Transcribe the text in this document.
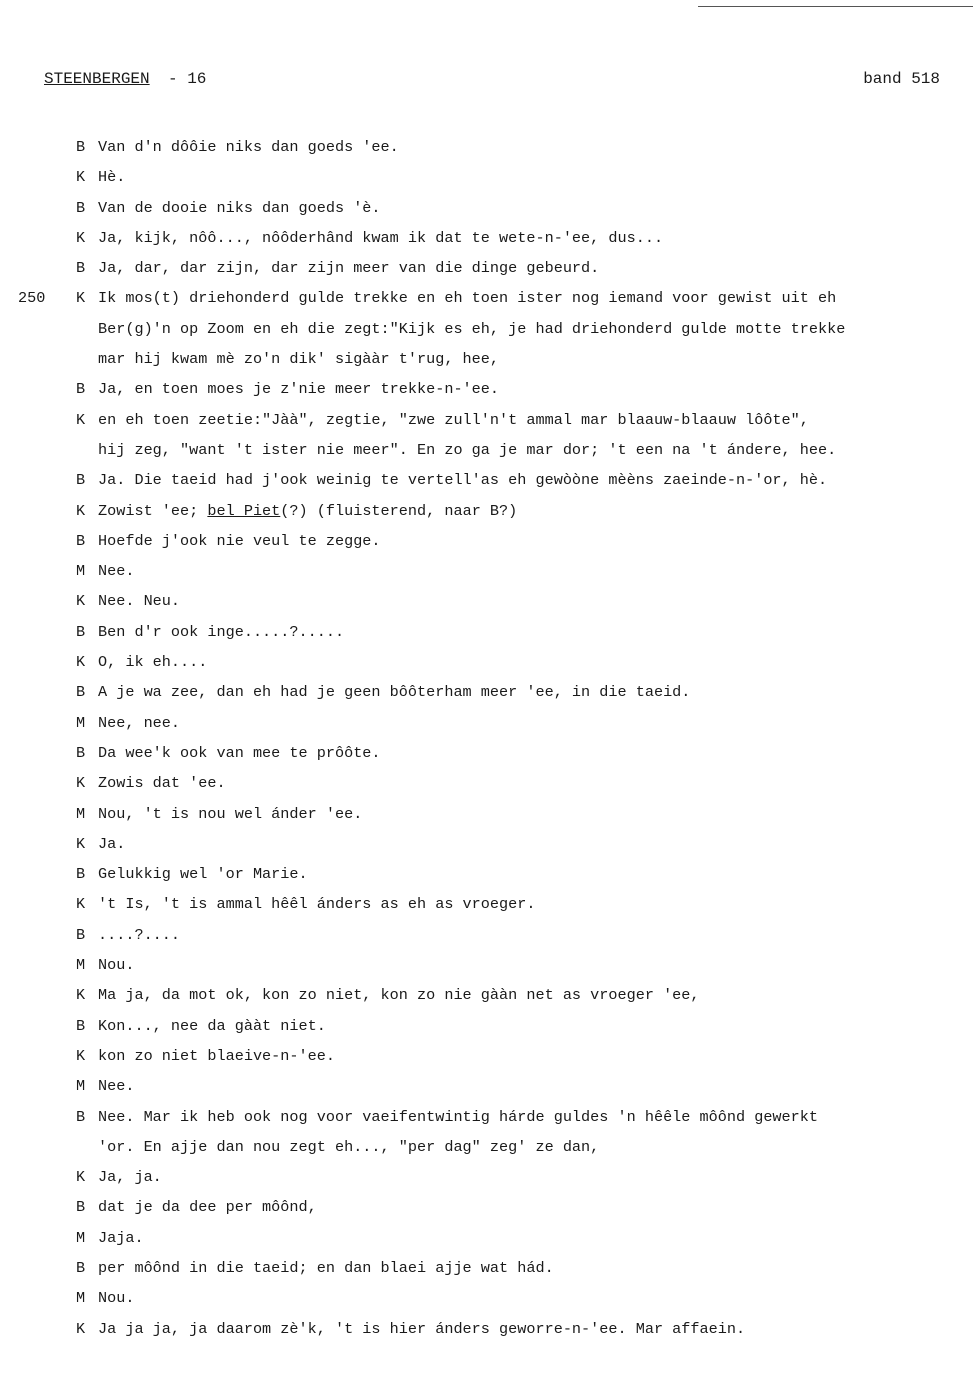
STEENBERGEN - 16	band 518
B Van d'n dôôie niks dan goeds 'ee.
K Hè.
B Van de dooie niks dan goeds 'è.
K Ja, kijk, nôô..., nôôderhând kwam ik dat te wete-n-'ee, dus...
B Ja, dar, dar zijn, dar zijn meer van die dinge gebeurd.
250 K Ik mos(t) driehonderd gulde trekke en eh toen ister nog iemand voor gewist uit eh
Ber(g)'n op Zoom en eh die zegt:"Kijk es eh, je had driehonderd gulde motte trekke
mar hij kwam mè zo'n dik' sigààr t'rug, hee,
B Ja, en toen moes je z'nie meer trekke-n-'ee.
K en eh toen zeetie:"Jàà", zegtie, "zwe zull'n't ammal mar blaauw-blaauw lôôte",
hij zeg, "want 't ister nie meer". En zo ga je mar dor; 't een na 't ándere, hee.
B Ja. Die taeid had j'ook weinig te vertell'as eh gewòòne mèèns zaeinde-n-'or, hè.
K Zowist 'ee; bel Piet(?) (fluisterend, naar B?)
B Hoefde j'ook nie veul te zegge.
M Nee.
K Nee. Neu.
B Ben d'r ook inge.....?.....
K O, ik eh....
B A je wa zee, dan eh had je geen bôôterham meer 'ee, in die taeid.
M Nee, nee.
B Da wee'k ook van mee te prôôte.
K Zowis dat 'ee.
M Nou, 't is nou wel ánder 'ee.
K Ja.
B Gelukkig wel 'or Marie.
K 't Is, 't is ammal hêêl ánders as eh as vroeger.
B ....?....
M Nou.
K Ma ja, da mot ok, kon zo niet, kon zo nie gààn net as vroeger 'ee,
B Kon..., nee da gààt niet.
K kon zo niet blaeive-n-'ee.
M Nee.
B Nee. Mar ik heb ook nog voor vaeifentwintig hárde guldes 'n hêêle môônd gewerkt
'or. En ajje dan nou zegt eh..., "per dag" zeg' ze dan,
K Ja, ja.
B dat je da dee per môônd,
M Jaja.
B per môônd in die taeid; en dan blaei ajje wat hád.
M Nou.
K Ja ja ja, ja daarom zè'k, 't is hier ánders geworre-n-'ee. Mar affaein.
